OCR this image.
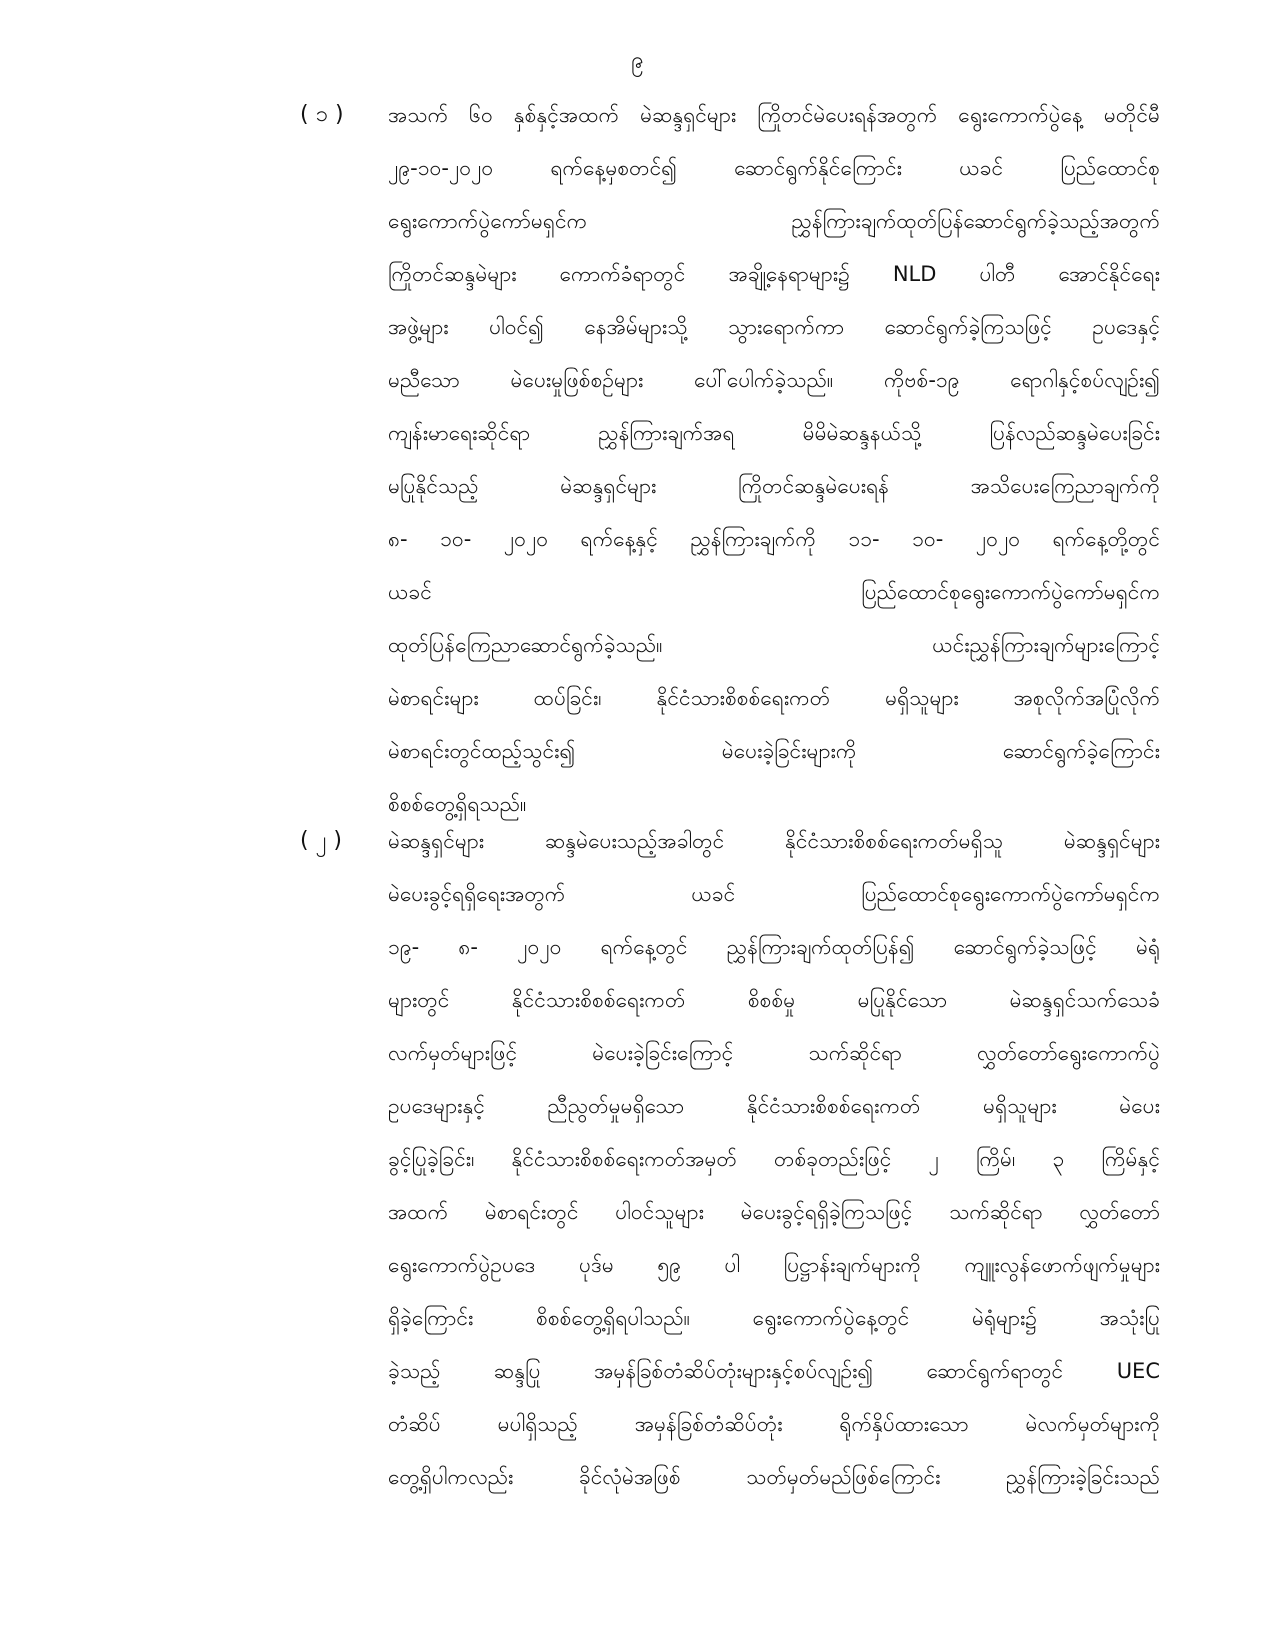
၉
( ၁ ) အသက် ၆၀ နှစ်နှင့်အထက် မဲဆန္ဒရှင်များ ကြိုတင်မဲပေးရန်အတွက် ရွေးကောက်ပွဲနေ့ မတိုင်မီ
၂၉-၁၀-၂၀၂၀ ရက်နေ့မှစတင်၍ ဆောင်ရွက်နိုင်ကြောင်း ယခင် ပြည်ထောင်စု
ရွေးကောက်ပွဲကော်မရှင်က ညွှန်ကြားချက်ထုတ်ပြန်ဆောင်ရွက်ခဲ့သည့်အတွက်
ကြိုတင်ဆန္ဒမဲများ ကောက်ခံရာတွင် အချို့နေရာများ၌ NLD ပါတီ အောင်နိုင်ရေး
အဖွဲ့များ ပါဝင်၍ နေအိမ်များသို့ သွားရောက်ကာ ဆောင်ရွက်ခဲ့ကြသဖြင့် ဥပဒေနှင့်
မညီသော မဲပေးမှုဖြစ်စဉ်များ ပေါ်ပေါက်ခဲ့သည်။ ကိုဗစ်-၁၉ ရောဂါနှင့်စပ်လျဉ်း၍
ကျန်းမာရေးဆိုင်ရာ ညွှန်ကြားချက်အရ မိမိမဲဆန္ဒနယ်သို့ ပြန်လည်ဆန္ဒမဲပေးခြင်း
မပြုနိုင်သည့် မဲဆန္ဒရှင်များ ကြိုတင်ဆန္ဒမဲပေးရန် အသိပေးကြေညာချက်ကို
၈- ၁၀- ၂၀၂၀ ရက်နေ့နှင့် ညွှန်ကြားချက်ကို ၁၁- ၁၀- ၂၀၂၀ ရက်နေ့တို့တွင်
ယခင် ပြည်ထောင်စုရွေးကောက်ပွဲကော်မရှင်က
ထုတ်ပြန်ကြေညာဆောင်ရွက်ခဲ့သည်။ ယင်းညွှန်ကြားချက်များကြောင့်
မဲစာရင်းများ ထပ်ခြင်း၊ နိုင်ငံသားစိစစ်ရေးကတ် မရှိသူများ အစုလိုက်အပြုံလိုက်
မဲစာရင်းတွင်ထည့်သွင်း၍ မဲပေးခဲ့ခြင်းများကို ဆောင်ရွက်ခဲ့ကြောင်း
စိစစ်တွေ့ရှိရသည်။
( ၂ ) မဲဆန္ဒရှင်များ ဆန္ဒမဲပေးသည့်အခါတွင် နိုင်ငံသားစိစစ်ရေးကတ်မရှိသူ မဲဆန္ဒရှင်များ
မဲပေးခွင့်ရရှိရေးအတွက် ယခင် ပြည်ထောင်စုရွေးကောက်ပွဲကော်မရှင်က
၁၉- ၈- ၂၀၂၀ ရက်နေ့တွင် ညွှန်ကြားချက်ထုတ်ပြန်၍ ဆောင်ရွက်ခဲ့သဖြင့် မဲရုံ
များတွင် နိုင်ငံသားစိစစ်ရေးကတ် စိစစ်မှု မပြုနိုင်သော မဲဆန္ဒရှင်သက်သေခံ
လက်မှတ်များဖြင့် မဲပေးခဲ့ခြင်းကြောင့် သက်ဆိုင်ရာ လွှတ်တော်ရွေးကောက်ပွဲ
ဥပဒေများနှင့် ညီညွတ်မှုမရှိသော နိုင်ငံသားစိစစ်ရေးကတ် မရှိသူများ မဲပေး
ခွင့်ပြုခဲ့ခြင်း၊ နိုင်ငံသားစိစစ်ရေးကတ်အမှတ် တစ်ခုတည်းဖြင့် ၂ ကြိမ်၊ ၃ ကြိမ်နှင့်
အထက် မဲစာရင်းတွင် ပါဝင်သူများ မဲပေးခွင့်ရရှိခဲ့ကြသဖြင့် သက်ဆိုင်ရာ လွှတ်တော်
ရွေးကောက်ပွဲဥပဒေ ပုဒ်မ ၅၉ ပါ ပြဋ္ဌာန်းချက်များကို ကျူးလွန်ဖောက်ဖျက်မှုများ
ရှိခဲ့ကြောင်း စိစစ်တွေ့ရှိရပါသည်။ ရွေးကောက်ပွဲနေ့တွင် မဲရုံများ၌ အသုံးပြု
ခဲ့သည့် ဆန္ဒပြု အမှန်ခြစ်တံဆိပ်တုံးများနှင့်စပ်လျဉ်း၍ ဆောင်ရွက်ရာတွင် UEC
တံဆိပ် မပါရှိသည့် အမှန်ခြစ်တံဆိပ်တုံး ရိုက်နှိပ်ထားသော မဲလက်မှတ်များကို
တွေ့ရှိပါကလည်း ခိုင်လုံမဲအဖြစ် သတ်မှတ်မည်ဖြစ်ကြောင်း ညွှန်ကြားခဲ့ခြင်းသည်
